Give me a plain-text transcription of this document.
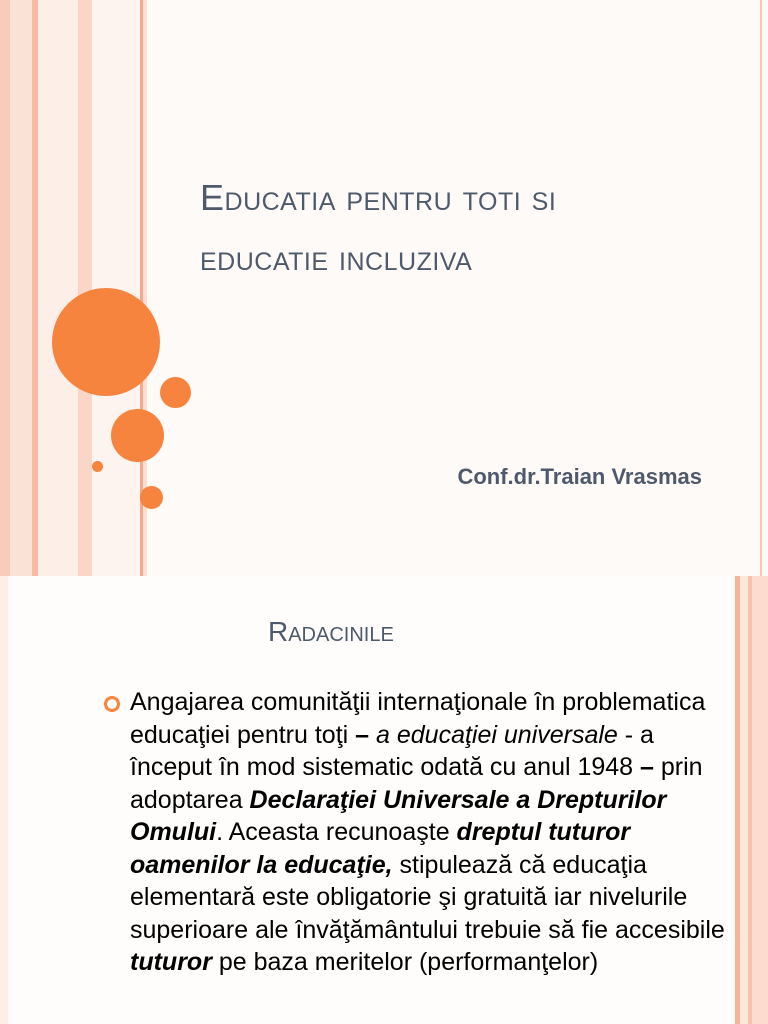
Educatia pentru toti si
educatie incluziva
Conf.dr.Traian Vrasmas
Radacinile
Angajarea comunităţii internaţionale în problematica educaţiei pentru toţi – a educaţiei universale - a început în mod sistematic odată cu anul 1948 – prin adoptarea Declaraţiei Universale a Drepturilor Omului. Aceasta recunoaşte dreptul tuturor oamenilor la educaţie, stipulează că educaţia elementară este obligatorie şi gratuită iar nivelurile superioare ale învăţământului trebuie să fie accesibile tuturor pe baza meritelor (performanţelor)
